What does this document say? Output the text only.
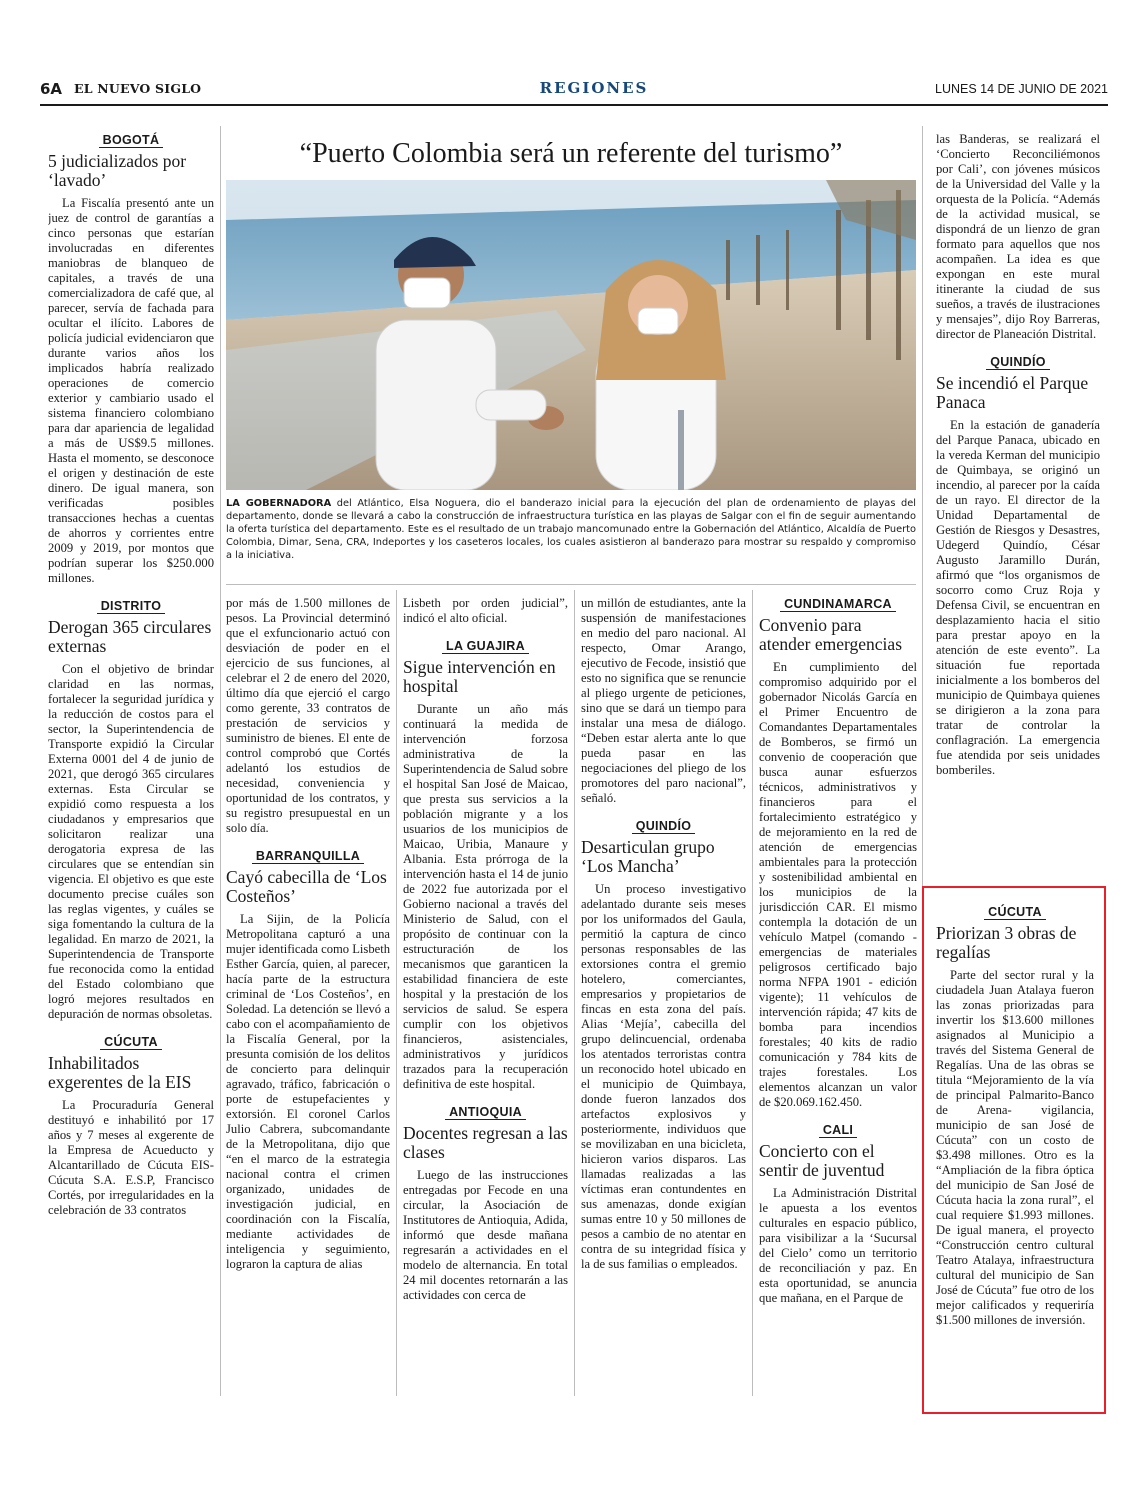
6A EL NUEVO SIGLO	REGIONES	LUNES 14 DE JUNIO DE 2021
“Puerto Colombia será un referente del turismo”
LA GOBERNADORA del Atlántico, Elsa Noguera, dio el banderazo inicial para la ejecución del plan de ordenamiento de playas del departamento, donde se llevará a cabo la construcción de infraestructura turística en las playas de Salgar con el fin de seguir aumentando la oferta turística del departamento. Este es el resultado de un trabajo mancomunado entre la Gobernación del Atlántico, Alcaldía de Puerto Colombia, Dimar, Sena, CRA, Indeportes y los caseteros locales, los cuales asistieron al banderazo para mostrar su respaldo y compromiso a la iniciativa.
BOGOTÁ
5 judicializados por ‘lavado’

La Fiscalía presentó ante un juez de control de garantías a cinco personas que estarían involucradas en diferentes maniobras de blanqueo de capitales, a través de una comercializadora de café que, al parecer, servía de fachada para ocultar el ilícito. Labores de policía judicial evidenciaron que durante varios años los implicados habría realizado operaciones de comercio exterior y cambiario usado el sistema financiero colombiano para dar apariencia de legalidad a más de US$9.5 millones. Hasta el momento, se desconoce el origen y destinación de este dinero. De igual manera, son verificadas posibles transacciones hechas a cuentas de ahorros y corrientes entre 2009 y 2019, por montos que podrían superar los $250.000 millones.

DISTRITO
Derogan 365 circulares externas

Con el objetivo de brindar claridad en las normas, fortalecer la seguridad jurídica y la reducción de costos para el sector, la Superintendencia de Transporte expidió la Circular Externa 0001 del 4 de junio de 2021, que derogó 365 circulares externas. Esta Circular se expidió como respuesta a los ciudadanos y empresarios que solicitaron realizar una derogatoria expresa de las circulares que se entendían sin vigencia. El objetivo es que este documento precise cuáles son las reglas vigentes, y cuáles se siga fomentando la cultura de la legalidad. En marzo de 2021, la Superintendencia de Transporte fue reconocida como la entidad del Estado colombiano que logró mejores resultados en depuración de normas obsoletas.

CÚCUTA
Inhabilitados exgerentes de la EIS

La Procuraduría General destituyó e inhabilitó por 17 años y 7 meses al exgerente de la Empresa de Acueducto y Alcantarillado de Cúcuta EIS- Cúcuta S.A. E.S.P, Francisco Cortés, por irregularidades en la celebración de 33 contratos

por más de 1.500 millones de pesos. La Provincial determinó que el exfuncionario actuó con desviación de poder en el ejercicio de sus funciones, al celebrar el 2 de enero del 2020, último día que ejerció el cargo como gerente, 33 contratos de prestación de servicios y suministro de bienes. El ente de control comprobó que Cortés adelantó los estudios de necesidad, conveniencia y oportunidad de los contratos, y su registro presupuestal en un solo día.

BARRANQUILLA
Cayó cabecilla de ‘Los Costeños’

La Sijin, de la Policía Metropolitana capturó a una mujer identificada como Lisbeth Esther García, quien, al parecer, hacía parte de la estructura criminal de ‘Los Costeños’, en Soledad. La detención se llevó a cabo con el acompañamiento de la Fiscalía General, por la presunta comisión de los delitos de concierto para delinquir agravado, tráfico, fabricación o porte de estupefacientes y extorsión. El coronel Carlos Julio Cabrera, subcomandante de la Metropolitana, dijo que “en el marco de la estrategia nacional contra el crimen organizado, unidades de investigación judicial, en coordinación con la Fiscalía, mediante actividades de inteligencia y seguimiento, lograron la captura de alias

Lisbeth por orden judicial”, indicó el alto oficial.

LA GUAJIRA
Sigue intervención en hospital

Durante un año más continuará la medida de intervención forzosa administrativa de la Superintendencia de Salud sobre el hospital San José de Maicao, que presta sus servicios a la población migrante y a los usuarios de los municipios de Maicao, Uribia, Manaure y Albania. Esta prórroga de la intervención hasta el 14 de junio de 2022 fue autorizada por el Gobierno nacional a través del Ministerio de Salud, con el propósito de continuar con la estructuración de los mecanismos que garanticen la estabilidad financiera de este hospital y la prestación de los servicios de salud. Se espera cumplir con los objetivos financieros, asistenciales, administrativos y jurídicos trazados para la recuperación definitiva de este hospital.

ANTIOQUIA
Docentes regresan a las clases

Luego de las instrucciones entregadas por Fecode en una circular, la Asociación de Institutores de Antioquia, Adida, informó que desde mañana regresarán a actividades en el modelo de alternancia. En total 24 mil docentes retornarán a las actividades con cerca de

un millón de estudiantes, ante la suspensión de manifestaciones en medio del paro nacional. Al respecto, Omar Arango, ejecutivo de Fecode, insistió que esto no significa que se renuncie al pliego urgente de peticiones, sino que se dará un tiempo para instalar una mesa de diálogo. “Deben estar alerta ante lo que pueda pasar en las negociaciones del pliego de los promotores del paro nacional”, señaló.

QUINDÍO
Desarticulan grupo ‘Los Mancha’

Un proceso investigativo adelantado durante seis meses por los uniformados del Gaula, permitió la captura de cinco personas responsables de las extorsiones contra el gremio hotelero, comerciantes, empresarios y propietarios de fincas en esta zona del país. Alias ‘Mejía’, cabecilla del grupo delincuencial, ordenaba los atentados terroristas contra un reconocido hotel ubicado en el municipio de Quimbaya, donde fueron lanzados dos artefactos explosivos y posteriormente, individuos que se movilizaban en una bicicleta, hicieron varios disparos. Las llamadas realizadas a las víctimas eran contundentes en sus amenazas, donde exigían sumas entre 10 y 50 millones de pesos a cambio de no atentar en contra de su integridad física y la de sus familias o empleados.

CUNDINAMARCA
Convenio para atender emergencias

En cumplimiento del compromiso adquirido por el gobernador Nicolás García en el Primer Encuentro de Comandantes Departamentales de Bomberos, se firmó un convenio de cooperación que busca aunar esfuerzos técnicos, administrativos y financieros para el fortalecimiento estratégico y de mejoramiento en la red de atención de emergencias ambientales para la protección y sostenibilidad ambiental en los municipios de la jurisdicción CAR. El mismo contempla la dotación de un vehículo Matpel (comando - emergencias de materiales peligrosos certificado bajo norma NFPA 1901 - edición vigente); 11 vehículos de intervención rápida; 47 kits de bomba para incendios forestales; 40 kits de radio comunicación y 784 kits de trajes forestales. Los elementos alcanzan un valor de $20.069.162.450.

CALI
Concierto con el sentir de juventud

La Administración Distrital le apuesta a los eventos culturales en espacio público, para visibilizar a la ‘Sucursal del Cielo’ como un territorio de reconciliación y paz. En esta oportunidad, se anuncia que mañana, en el Parque de

las Banderas, se realizará el ‘Concierto Reconciliémonos por Cali’, con jóvenes músicos de la Universidad del Valle y la orquesta de la Policía. “Además de la actividad musical, se dispondrá de un lienzo de gran formato para aquellos que nos acompañen. La idea es que expongan en este mural itinerante la ciudad de sus sueños, a través de ilustraciones y mensajes”, dijo Roy Barreras, director de Planeación Distrital.

QUINDÍO
Se incendió el Parque Panaca

En la estación de ganadería del Parque Panaca, ubicado en la vereda Kerman del municipio de Quimbaya, se originó un incendio, al parecer por la caída de un rayo. El director de la Unidad Departamental de Gestión de Riesgos y Desastres, Udegerd Quindío, César Augusto Jaramillo Durán, afirmó que “los organismos de socorro como Cruz Roja y Defensa Civil, se encuentran en desplazamiento hacia el sitio para prestar apoyo en la atención de este evento”. La situación fue reportada inicialmente a los bomberos del municipio de Quimbaya quienes se dirigieron a la zona para tratar de controlar la conflagración. La emergencia fue atendida por seis unidades bomberiles.

CÚCUTA
Priorizan 3 obras de regalías

Parte del sector rural y la ciudadela Juan Atalaya fueron las zonas priorizadas para invertir los $13.600 millones asignados al Municipio a través del Sistema General de Regalías. Una de las obras se titula “Mejoramiento de la vía de principal Palmarito-Banco de Arena- vigilancia, municipio de san José de Cúcuta” con un costo de $3.498 millones. Otro es la “Ampliación de la fibra óptica del municipio de San José de Cúcuta hacia la zona rural”, el cual requiere $1.993 millones. De igual manera, el proyecto “Construcción centro cultural Teatro Atalaya, infraestructura cultural del municipio de San José de Cúcuta” fue otro de los mejor calificados y requeriría $1.500 millones de inversión.
